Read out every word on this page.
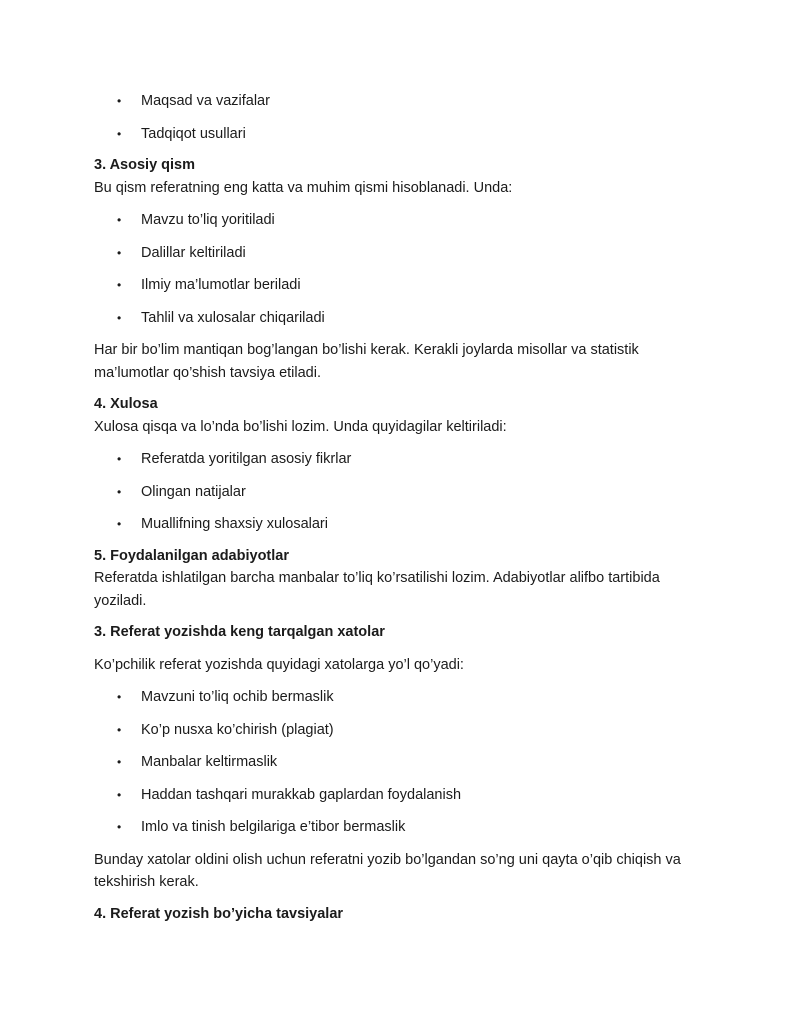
• Maqsad va vazifalar
• Tadqiqot usullari

3. Asosiy qism

Bu qism referatning eng katta va muhim qismi hisoblanadi. Unda:

• Mavzu to’liq yoritiladi
• Dalillar keltiriladi
• Ilmiy ma’lumotlar beriladi
• Tahlil va xulosalar chiqariladi

Har bir bo’lim mantiqan bog’langan bo’lishi kerak. Kerakli joylarda misollar va statistik

ma’lumotlar qo’shish tavsiya etiladi.

4. Xulosa

Xulosa qisqa va lo’nda bo’lishi lozim. Unda quyidagilar keltiriladi:

• Referatda yoritilgan asosiy fikrlar
• Olingan natijalar
• Muallifning shaxsiy xulosalari

5. Foydalanilgan adabiyotlar

Referatda ishlatilgan barcha manbalar to’liq ko’rsatilishi lozim. Adabiyotlar alifbo tartibida

yoziladi.

3. Referat yozishda keng tarqalgan xatolar

Ko’pchilik referat yozishda quyidagi xatolarga yo’l qo’yadi:

• Mavzuni to’liq ochib bermaslik
• Ko’p nusxa ko’chirish (plagiat)
• Manbalar keltirmaslik
• Haddan tashqari murakkab gaplardan foydalanish
• Imlo va tinish belgilariga e’tibor bermaslik

Bunday xatolar oldini olish uchun referatni yozib bo’lgandan so’ng uni qayta o’qib chiqish va

tekshirish kerak.

4. Referat yozish bo’yicha tavsiyalar
